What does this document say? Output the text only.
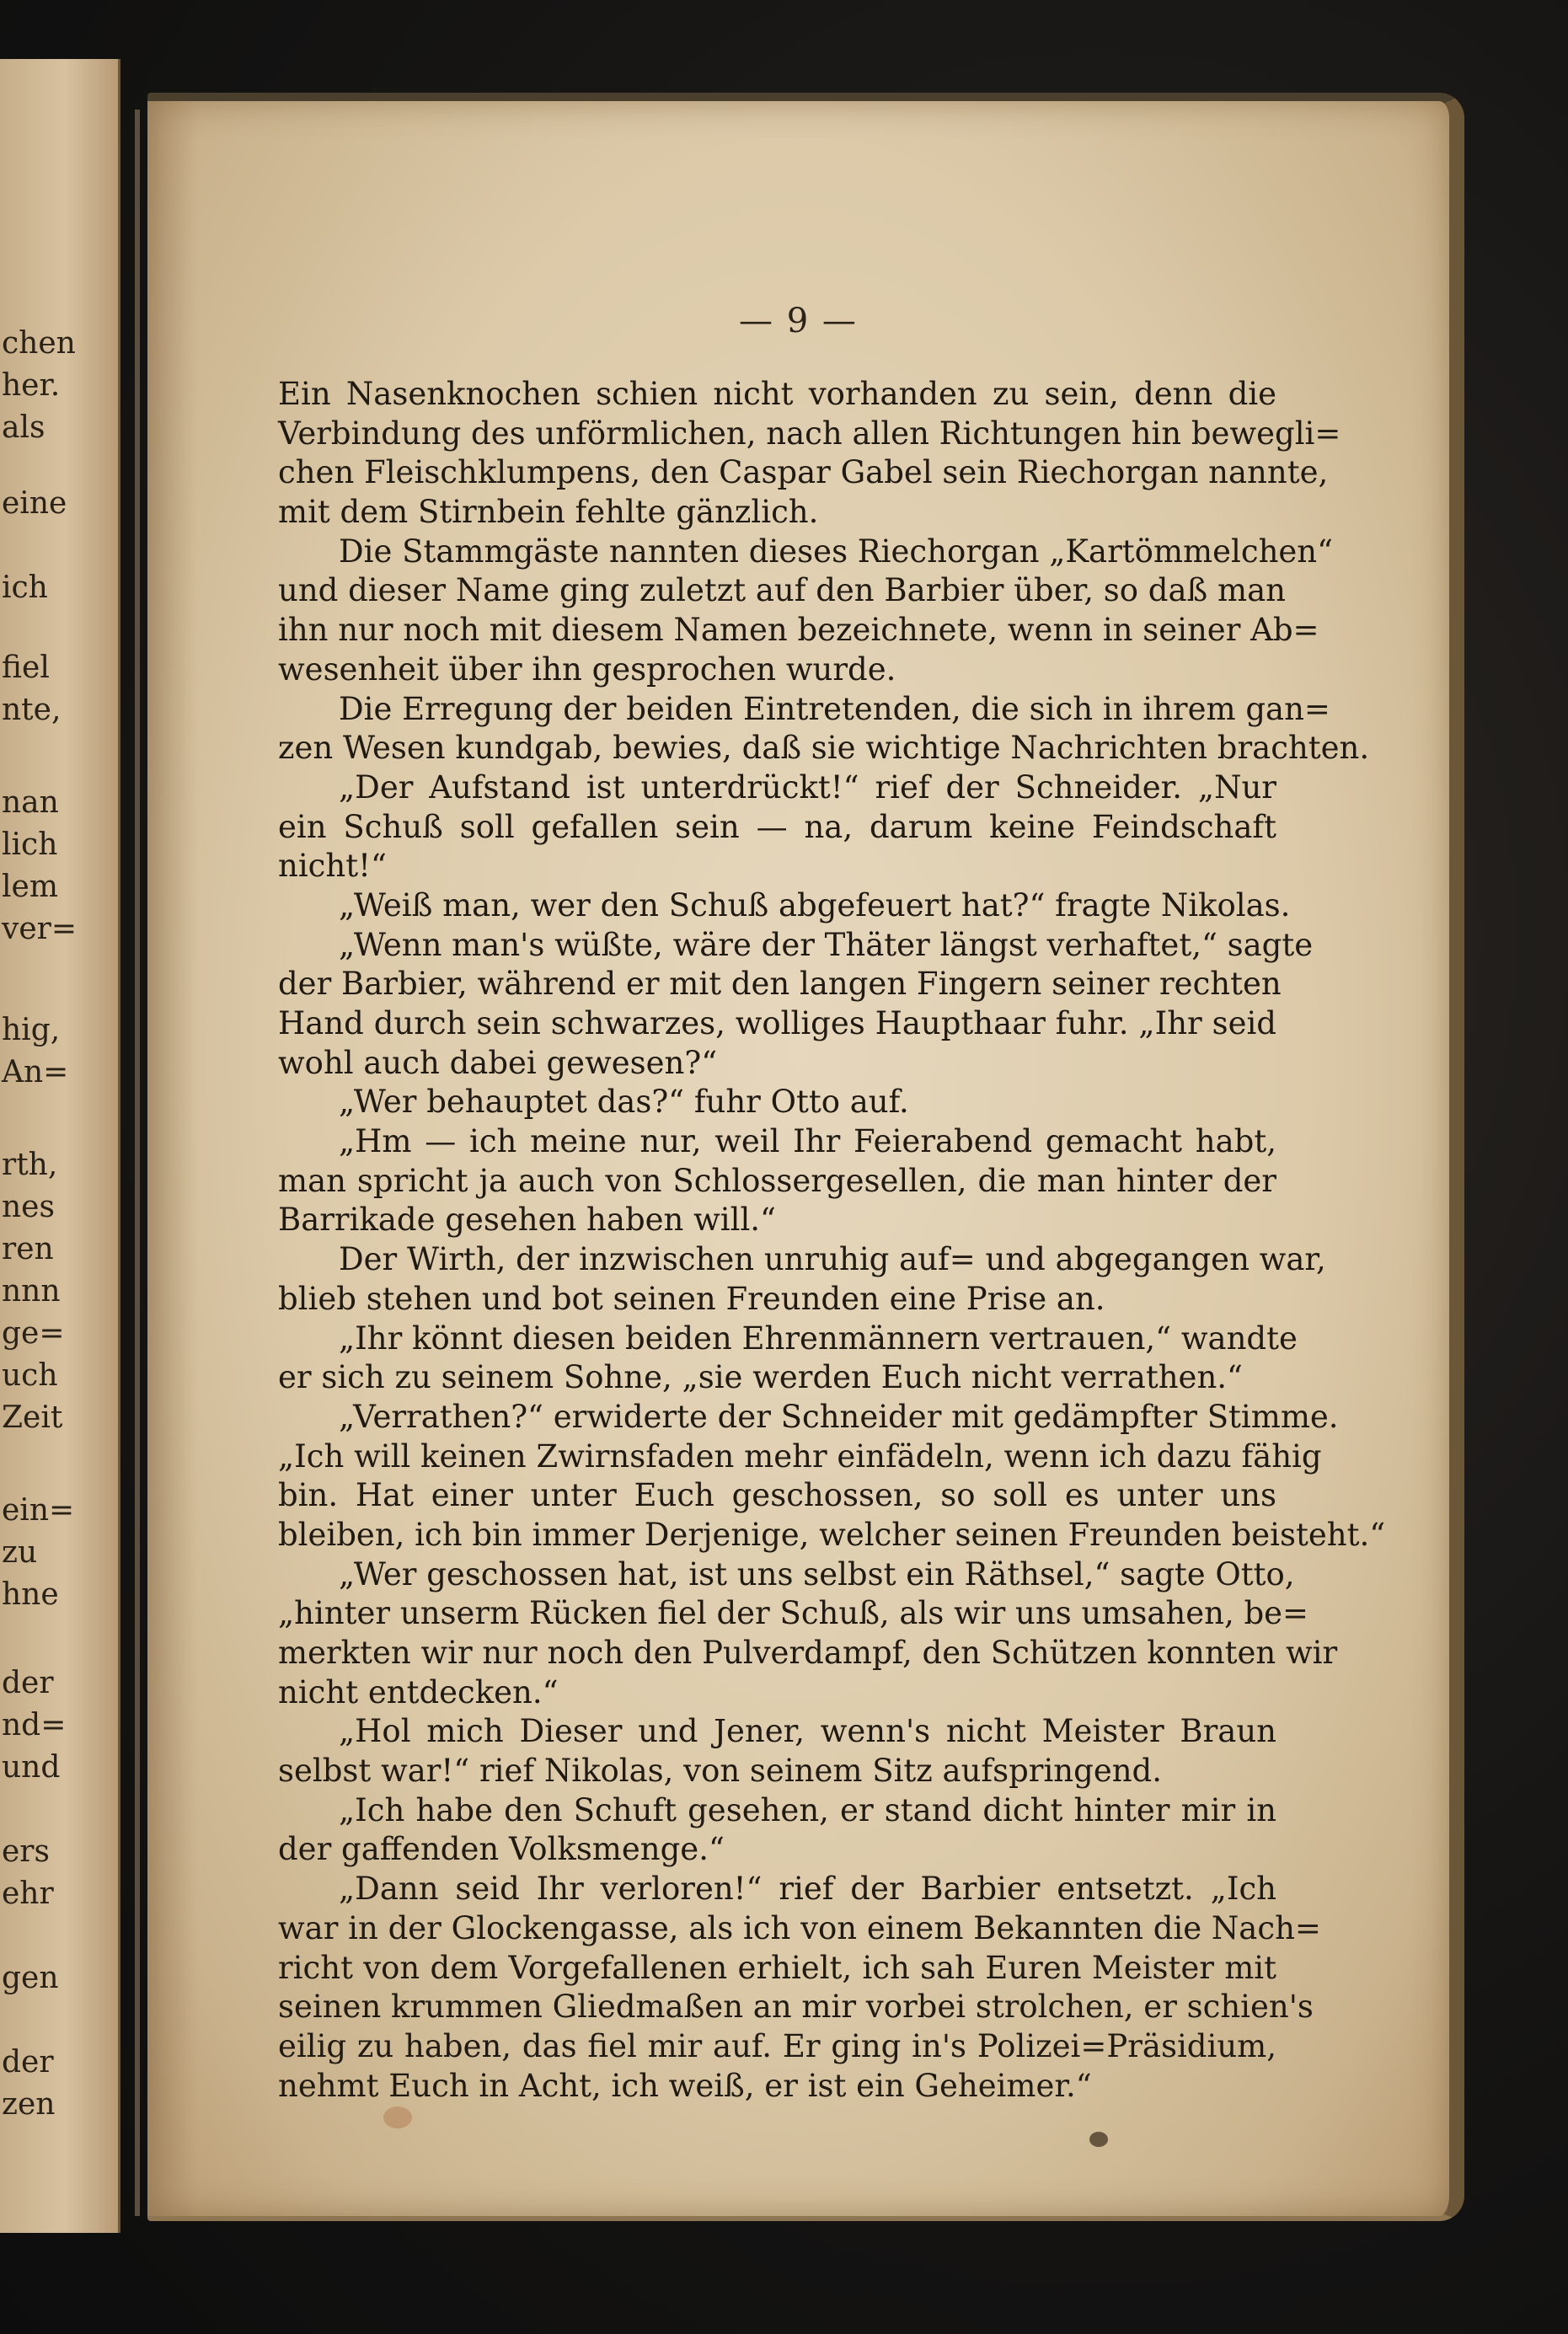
chen
her.
als
eine
ich
fiel
nte,
nan
lich
lem
ver=
hig,
An=
rth,
nes
ren
nnn
ge=
uch
Zeit
ein=
zu
hne
der
nd=
und
ers
ehr
gen
der
zen
— 9 —
Ein Nasenknochen schien nicht vorhanden zu sein, denn die
Verbindung des unförmlichen, nach allen Richtungen hin bewegli=
chen Fleischklumpens, den Caspar Gabel sein Riechorgan nannte,
mit dem Stirnbein fehlte gänzlich.
Die Stammgäste nannten dieses Riechorgan „Kartömmelchen“
und dieser Name ging zuletzt auf den Barbier über, so daß man
ihn nur noch mit diesem Namen bezeichnete, wenn in seiner Ab=
wesenheit über ihn gesprochen wurde.
Die Erregung der beiden Eintretenden, die sich in ihrem gan=
zen Wesen kundgab, bewies, daß sie wichtige Nachrichten brachten.
„Der Aufstand ist unterdrückt!“ rief der Schneider. „Nur
ein Schuß soll gefallen sein — na, darum keine Feindschaft
nicht!“
„Weiß man, wer den Schuß abgefeuert hat?“ fragte Nikolas.
„Wenn man's wüßte, wäre der Thäter längst verhaftet,“ sagte
der Barbier, während er mit den langen Fingern seiner rechten
Hand durch sein schwarzes, wolliges Haupthaar fuhr. „Ihr seid
wohl auch dabei gewesen?“
„Wer behauptet das?“ fuhr Otto auf.
„Hm — ich meine nur, weil Ihr Feierabend gemacht habt,
man spricht ja auch von Schlossergesellen, die man hinter der
Barrikade gesehen haben will.“
Der Wirth, der inzwischen unruhig auf= und abgegangen war,
blieb stehen und bot seinen Freunden eine Prise an.
„Ihr könnt diesen beiden Ehrenmännern vertrauen,“ wandte
er sich zu seinem Sohne, „sie werden Euch nicht verrathen.“
„Verrathen?“ erwiderte der Schneider mit gedämpfter Stimme.
„Ich will keinen Zwirnsfaden mehr einfädeln, wenn ich dazu fähig
bin. Hat einer unter Euch geschossen, so soll es unter uns
bleiben, ich bin immer Derjenige, welcher seinen Freunden beisteht.“
„Wer geschossen hat, ist uns selbst ein Räthsel,“ sagte Otto,
„hinter unserm Rücken fiel der Schuß, als wir uns umsahen, be=
merkten wir nur noch den Pulverdampf, den Schützen konnten wir
nicht entdecken.“
„Hol mich Dieser und Jener, wenn's nicht Meister Braun
selbst war!“ rief Nikolas, von seinem Sitz aufspringend.
„Ich habe den Schuft gesehen, er stand dicht hinter mir in
der gaffenden Volksmenge.“
„Dann seid Ihr verloren!“ rief der Barbier entsetzt. „Ich
war in der Glockengasse, als ich von einem Bekannten die Nach=
richt von dem Vorgefallenen erhielt, ich sah Euren Meister mit
seinen krummen Gliedmaßen an mir vorbei strolchen, er schien's
eilig zu haben, das fiel mir auf. Er ging in's Polizei=Präsidium,
nehmt Euch in Acht, ich weiß, er ist ein Geheimer.“
